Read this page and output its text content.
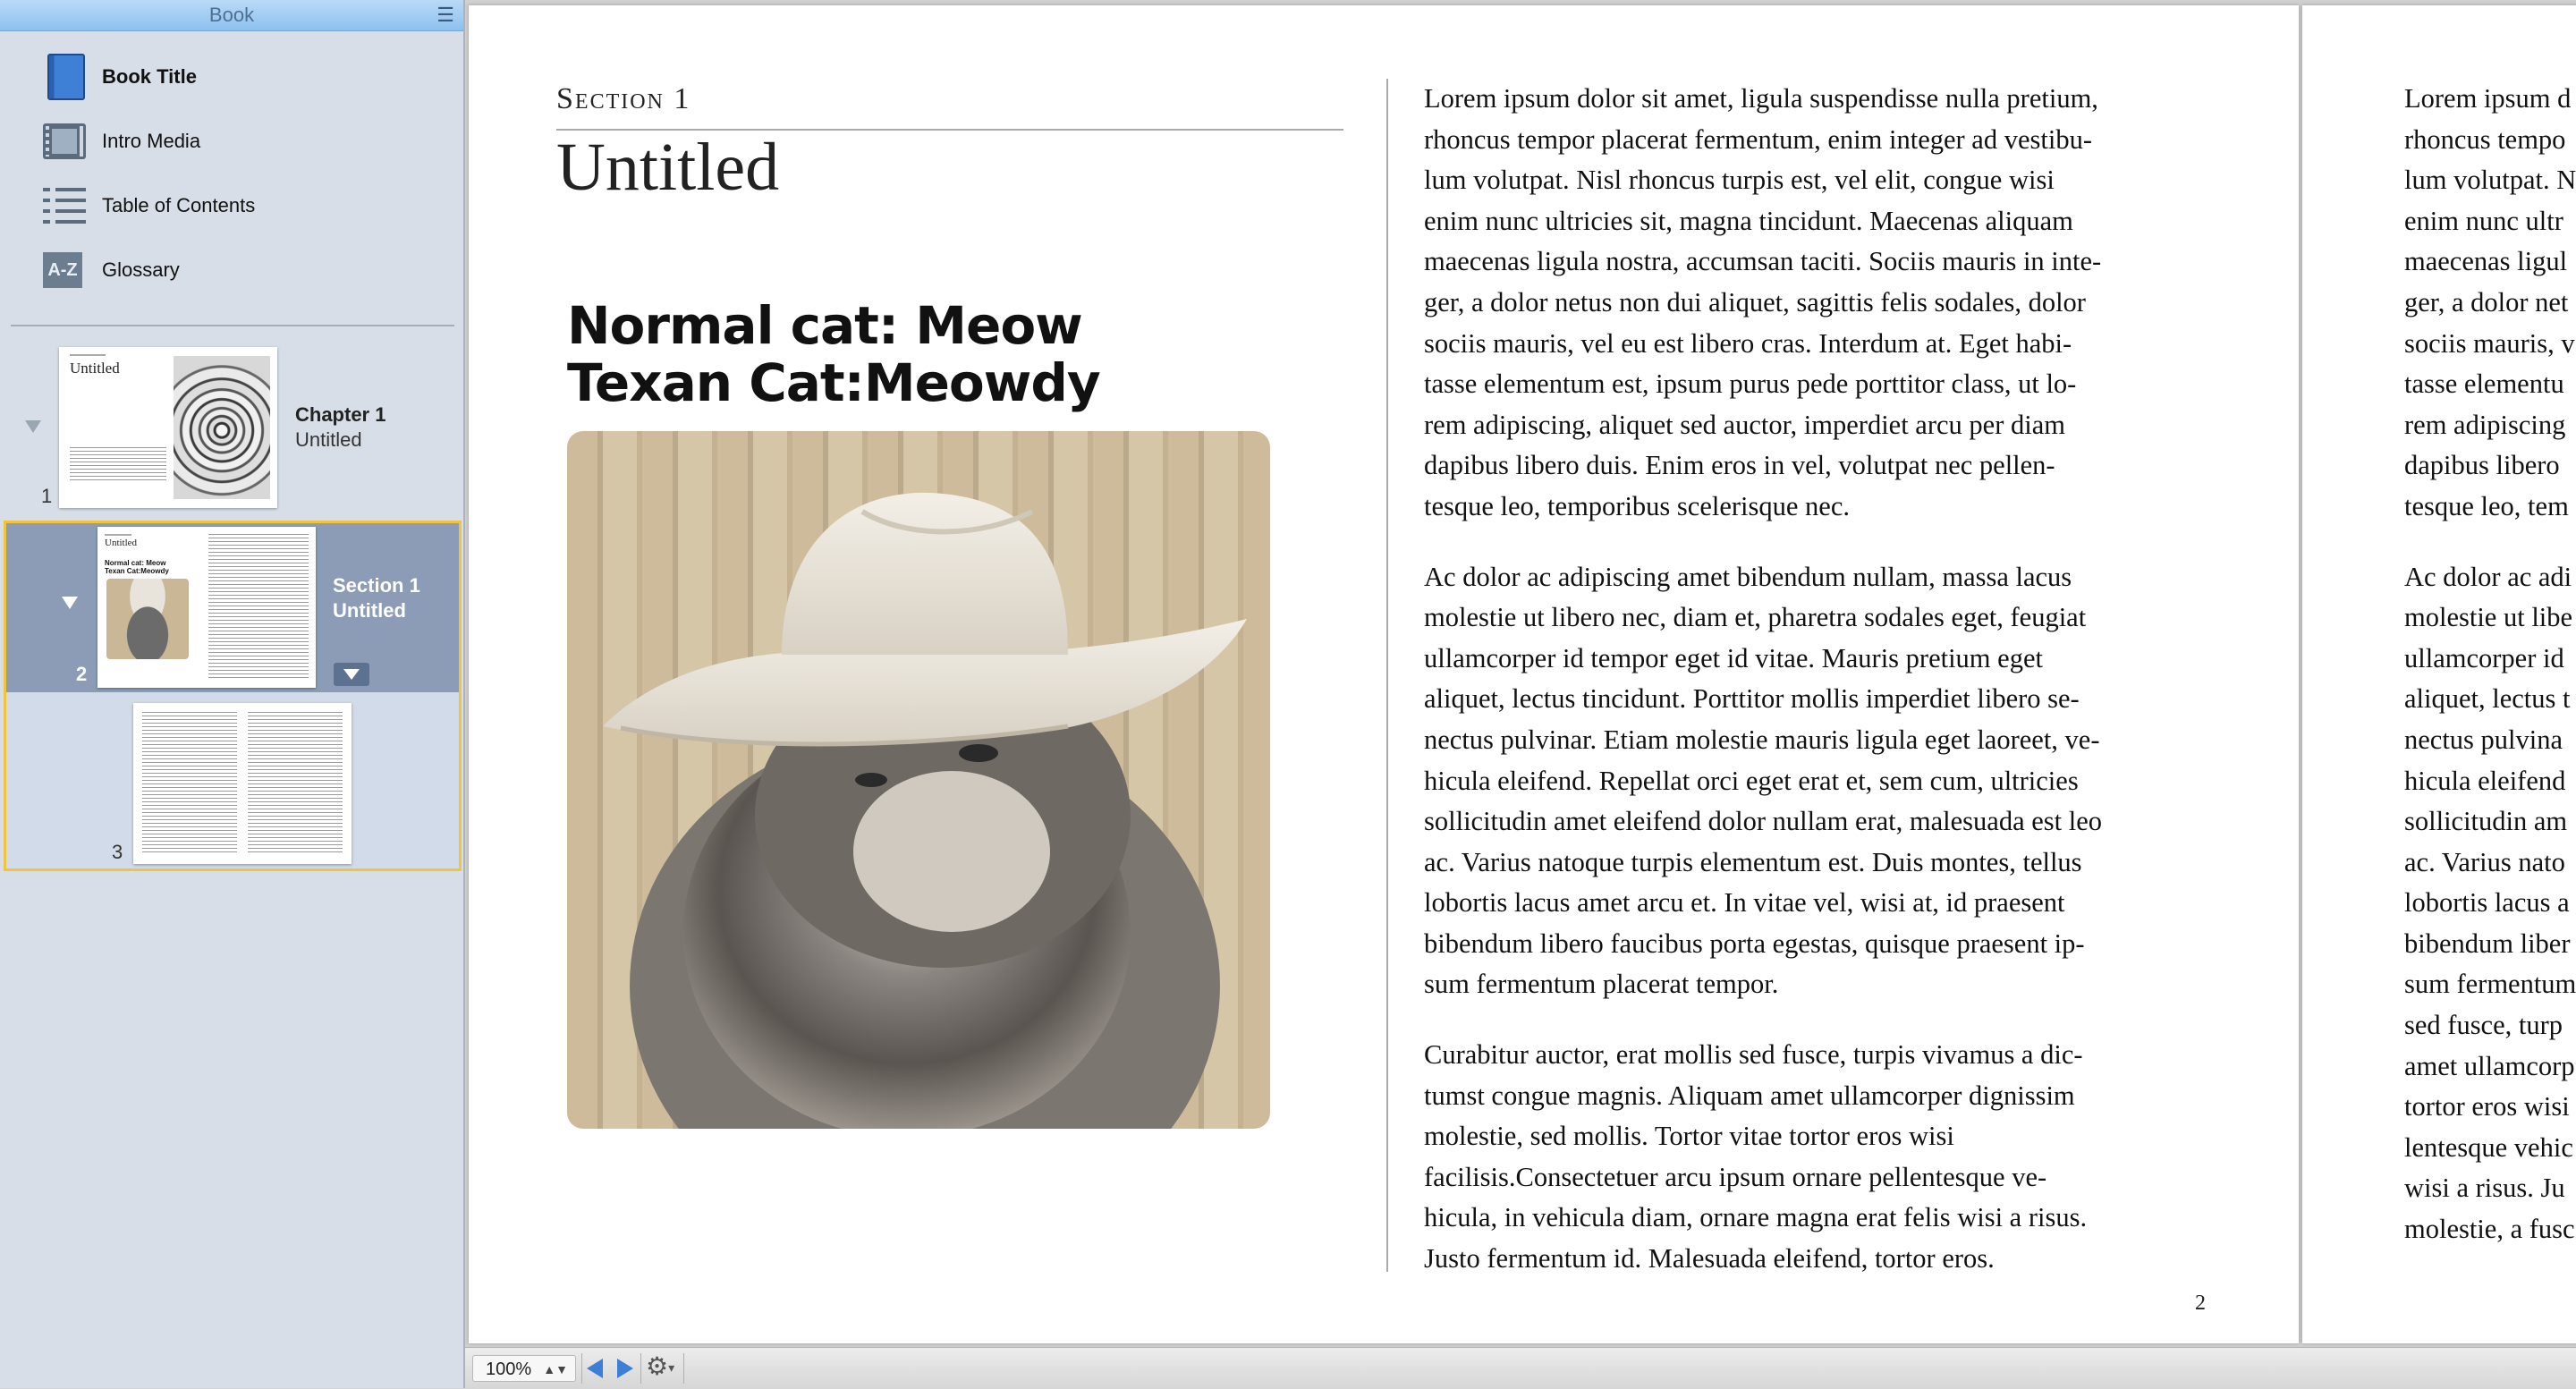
Book	☰
Book Title
Intro Media
Table of Contents
A-Z Glossary
1
Untitled
Chapter 1
Untitled
2
Untitled
Normal cat: Meow
Texan Cat:Meowdy
Section 1
Untitled
3
Section 1
Untitled
Normal cat: Meow
Texan Cat:Meowdy
Lorem ipsum dolor sit amet, ligula suspendisse nulla pretium,
rhoncus tempor placerat fermentum, enim integer ad vestibu-
lum volutpat. Nisl rhoncus turpis est, vel elit, congue wisi
enim nunc ultricies sit, magna tincidunt. Maecenas aliquam
maecenas ligula nostra, accumsan taciti. Sociis mauris in inte-
ger, a dolor netus non dui aliquet, sagittis felis sodales, dolor
sociis mauris, vel eu est libero cras. Interdum at. Eget habi-
tasse elementum est, ipsum purus pede porttitor class, ut lo-
rem adipiscing, aliquet sed auctor, imperdiet arcu per diam
dapibus libero duis. Enim eros in vel, volutpat nec pellen-
tesque leo, temporibus scelerisque nec.
Ac dolor ac adipiscing amet bibendum nullam, massa lacus
molestie ut libero nec, diam et, pharetra sodales eget, feugiat
ullamcorper id tempor eget id vitae. Mauris pretium eget
aliquet, lectus tincidunt. Porttitor mollis imperdiet libero se-
nectus pulvinar. Etiam molestie mauris ligula eget laoreet, ve-
hicula eleifend. Repellat orci eget erat et, sem cum, ultricies
sollicitudin amet eleifend dolor nullam erat, malesuada est leo
ac. Varius natoque turpis elementum est. Duis montes, tellus
lobortis lacus amet arcu et. In vitae vel, wisi at, id praesent
bibendum libero faucibus porta egestas, quisque praesent ip-
sum fermentum placerat tempor.
Curabitur auctor, erat mollis sed fusce, turpis vivamus a dic-
tumst congue magnis. Aliquam amet ullamcorper dignissim
molestie, sed mollis. Tortor vitae tortor eros wisi
facilisis.Consectetuer arcu ipsum ornare pellentesque ve-
hicula, in vehicula diam, ornare magna erat felis wisi a risus.
Justo fermentum id. Malesuada eleifend, tortor eros.
2
Lorem ipsum d
rhoncus tempo
lum volutpat. N
enim nunc ultr
maecenas ligul
ger, a dolor net
sociis mauris, v
tasse elementu
rem adipiscing
dapibus libero
tesque leo, tem
Ac dolor ac adi
molestie ut libe
ullamcorper id
aliquet, lectus t
nectus pulvina
hicula eleifend
sollicitudin am
ac. Varius nato
lobortis lacus a
bibendum liber
sum fermentum
sed fusce, turp
amet ullamcorp
tortor eros wisi
lentesque vehic
wisi a risus. Ju
molestie, a fusc
100% ▲▼	⚙▾
